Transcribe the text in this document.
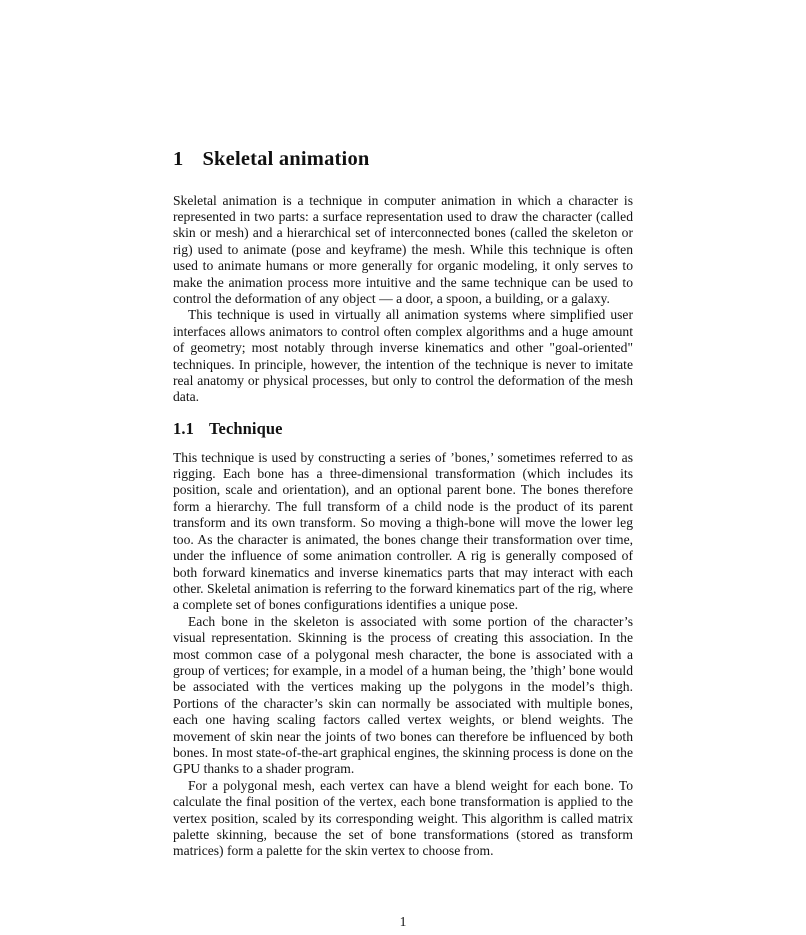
1 Skeletal animation

Skeletal animation is a technique in computer animation in which a character is represented in two parts: a surface representation used to draw the character (called skin or mesh) and a hierarchical set of interconnected bones (called the skeleton or rig) used to animate (pose and keyframe) the mesh. While this technique is often used to animate humans or more generally for organic modeling, it only serves to make the animation process more intuitive and the same technique can be used to control the deformation of any object — a door, a spoon, a building, or a galaxy.

This technique is used in virtually all animation systems where simplified user interfaces allows animators to control often complex algorithms and a huge amount of geometry; most notably through inverse kinematics and other "goal-oriented" techniques. In principle, however, the intention of the technique is never to imitate real anatomy or physical processes, but only to control the deformation of the mesh data.

1.1 Technique

This technique is used by constructing a series of ’bones,’ sometimes referred to as rigging. Each bone has a three-dimensional transformation (which includes its position, scale and orientation), and an optional parent bone. The bones therefore form a hierarchy. The full transform of a child node is the product of its parent transform and its own transform. So moving a thigh-bone will move the lower leg too. As the character is animated, the bones change their transformation over time, under the influence of some animation controller. A rig is generally composed of both forward kinematics and inverse kinematics parts that may interact with each other. Skeletal animation is referring to the forward kinematics part of the rig, where a complete set of bones configurations identifies a unique pose.

Each bone in the skeleton is associated with some portion of the character’s visual representation. Skinning is the process of creating this association. In the most common case of a polygonal mesh character, the bone is associated with a group of vertices; for example, in a model of a human being, the ’thigh’ bone would be associated with the vertices making up the polygons in the model’s thigh. Portions of the character’s skin can normally be associated with multiple bones, each one having scaling factors called vertex weights, or blend weights. The movement of skin near the joints of two bones can therefore be influenced by both bones. In most state-of-the-art graphical engines, the skinning process is done on the GPU thanks to a shader program.

For a polygonal mesh, each vertex can have a blend weight for each bone. To calculate the final position of the vertex, each bone transformation is applied to the vertex position, scaled by its corresponding weight. This algorithm is called matrix palette skinning, because the set of bone transformations (stored as transform matrices) form a palette for the skin vertex to choose from.

1
